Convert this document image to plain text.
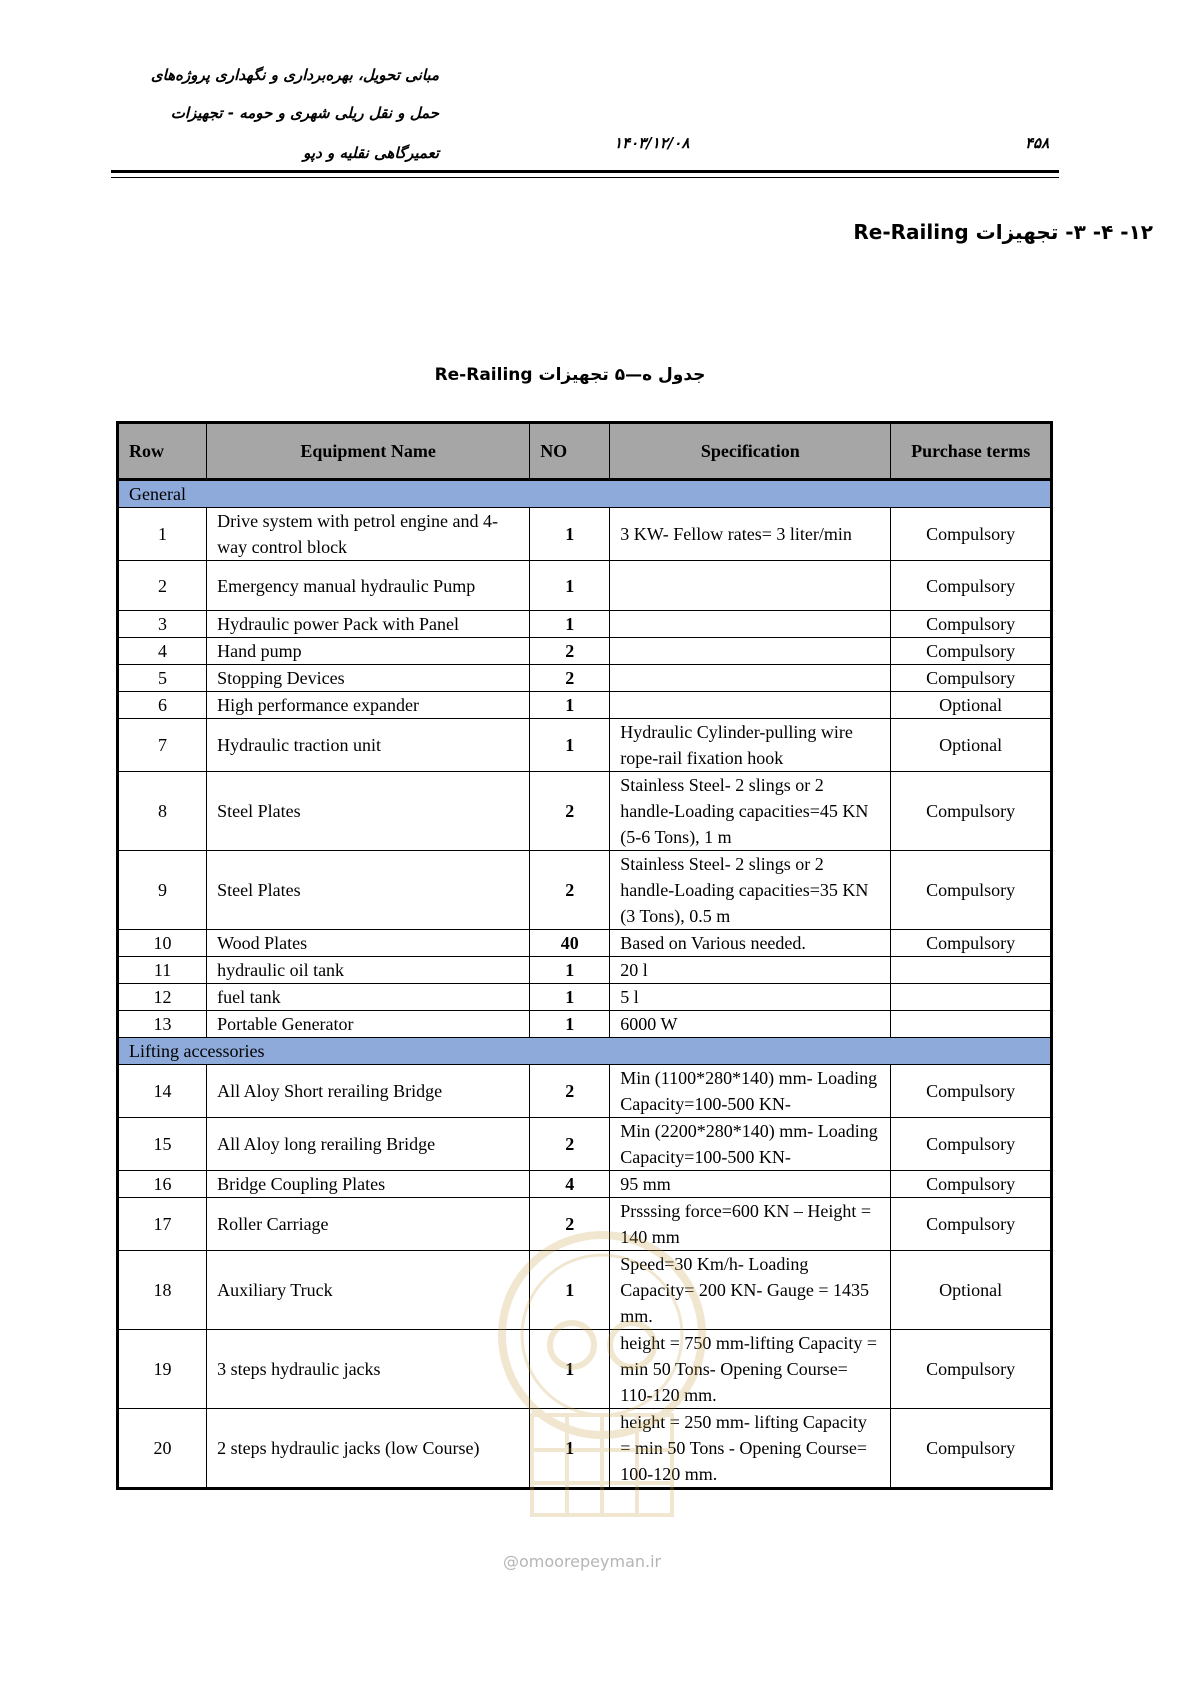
مبانی تحویل، بهره‌برداری و نگهداری پروژه‌های
حمل و نقل ریلی شهری و حومه - تجهیزات
تعمیرگاهی نقلیه و دپو
۱۴۰۳/۱۲/۰۸	۴۵۸
۱۲- ۴- ۳- تجهیزات Re-Railing
جدول ه—۵ تجهیزات Re-Railing
Row	Equipment Name	NO	Specification	Purchase terms
General				
1	Drive system with petrol engine and 4-way control block	1	3 KW- Fellow rates= 3 liter/min	Compulsory
2	Emergency manual hydraulic Pump	1		Compulsory
3	Hydraulic power Pack with Panel	1		Compulsory
4	Hand pump	2		Compulsory
5	Stopping Devices	2		Compulsory
6	High performance expander	1		Optional
7	Hydraulic traction unit	1	Hydraulic Cylinder-pulling wire rope-rail fixation hook	Optional
8	Steel Plates	2	Stainless Steel- 2 slings or 2 handle-Loading capacities=45 KN (5-6 Tons), 1 m	Compulsory
9	Steel Plates	2	Stainless Steel- 2 slings or 2 handle-Loading capacities=35 KN (3 Tons), 0.5 m	Compulsory
10	Wood Plates	40	Based on Various needed.	Compulsory
11	hydraulic oil tank	1	20 l	
12	fuel tank	1	5 l	
13	Portable Generator	1	6000 W	
Lifting accessories				
14	All Aloy Short rerailing Bridge	2	Min (1100*280*140) mm- Loading Capacity=100-500 KN-	Compulsory
15	All Aloy long rerailing Bridge	2	Min (2200*280*140) mm- Loading Capacity=100-500 KN-	Compulsory
16	Bridge Coupling Plates	4	95 mm	Compulsory
17	Roller Carriage	2	Prsssing force=600 KN – Height = 140 mm	Compulsory
18	Auxiliary Truck	1	Speed=30 Km/h- Loading Capacity= 200 KN- Gauge = 1435 mm.	Optional
19	3 steps hydraulic jacks	1	height = 750 mm-lifting Capacity = min 50 Tons- Opening Course= 110-120 mm.	Compulsory
20	2 steps hydraulic jacks (low Course)	1	height = 250 mm- lifting Capacity = min 50 Tons - Opening Course= 100-120 mm.	Compulsory
@omoorepeyman.ir
